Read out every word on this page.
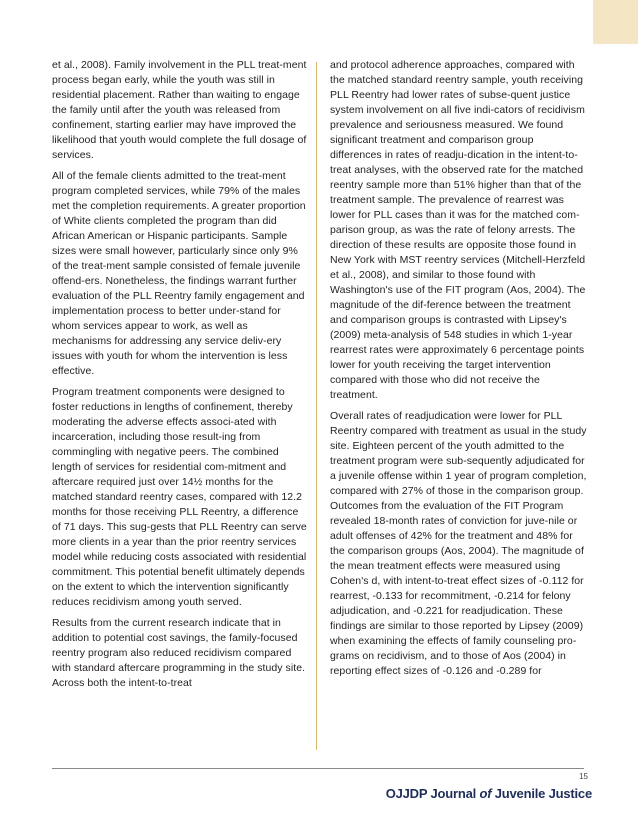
et al., 2008). Family involvement in the PLL treat-ment process began early, while the youth was still in residential placement. Rather than waiting to engage the family until after the youth was released from confinement, starting earlier may have improved the likelihood that youth would complete the full dosage of services.

All of the female clients admitted to the treat-ment program completed services, while 79% of the males met the completion requirements. A greater proportion of White clients completed the program than did African American or Hispanic participants. Sample sizes were small however, particularly since only 9% of the treat-ment sample consisted of female juvenile offend-ers. Nonetheless, the findings warrant further evaluation of the PLL Reentry family engagement and implementation process to better under-stand for whom services appear to work, as well as mechanisms for addressing any service deliv-ery issues with youth for whom the intervention is less effective.

Program treatment components were designed to foster reductions in lengths of confinement, thereby moderating the adverse effects associ-ated with incarceration, including those result-ing from commingling with negative peers. The combined length of services for residential com-mitment and aftercare required just over 14½ months for the matched standard reentry cases, compared with 12.2 months for those receiving PLL Reentry, a difference of 71 days. This sug-gests that PLL Reentry can serve more clients in a year than the prior reentry services model while reducing costs associated with residential commitment. This potential benefit ultimately depends on the extent to which the intervention significantly reduces recidivism among youth served.

Results from the current research indicate that in addition to potential cost savings, the family-focused reentry program also reduced recidivism compared with standard aftercare programming in the study site. Across both the intent-to-treat

and protocol adherence approaches, compared with the matched standard reentry sample, youth receiving PLL Reentry had lower rates of subse-quent justice system involvement on all five indi-cators of recidivism prevalence and seriousness measured. We found significant treatment and comparison group differences in rates of readju-dication in the intent-to-treat analyses, with the observed rate for the matched reentry sample more than 51% higher than that of the treatment sample. The prevalence of rearrest was lower for PLL cases than it was for the matched com-parison group, as was the rate of felony arrests. The direction of these results are opposite those found in New York with MST reentry services (Mitchell-Herzfeld et al., 2008), and similar to those found with Washington's use of the FIT program (Aos, 2004). The magnitude of the dif-ference between the treatment and comparison groups is contrasted with Lipsey's (2009) meta-analysis of 548 studies in which 1-year rearrest rates were approximately 6 percentage points lower for youth receiving the target intervention compared with those who did not receive the treatment.

Overall rates of readjudication were lower for PLL Reentry compared with treatment as usual in the study site. Eighteen percent of the youth admitted to the treatment program were sub-sequently adjudicated for a juvenile offense within 1 year of program completion, compared with 27% of those in the comparison group. Outcomes from the evaluation of the FIT Program revealed 18-month rates of conviction for juve-nile or adult offenses of 42% for the treatment and 48% for the comparison groups (Aos, 2004). The magnitude of the mean treatment effects were measured using Cohen's d, with intent-to-treat effect sizes of -0.112 for rearrest, -0.133 for recommitment, -0.214 for felony adjudication, and -0.221 for readjudication. These findings are similar to those reported by Lipsey (2009) when examining the effects of family counseling pro-grams on recidivism, and to those of Aos (2004) in reporting effect sizes of -0.126 and -0.289 for

15
OJJDP Journal of Juvenile Justice
